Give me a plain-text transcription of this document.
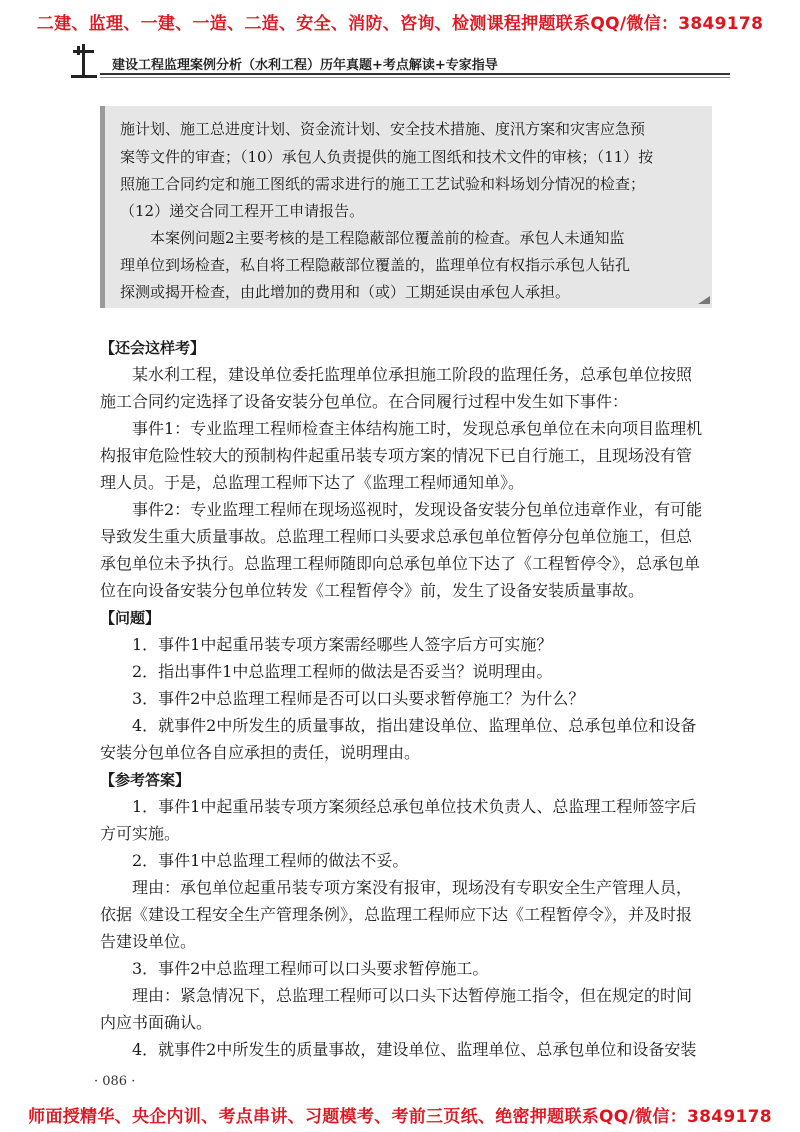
二建、监理、一建、一造、二造、安全、消防、咨询、检测课程押题联系QQ/微信：3849178
建设工程监理案例分析（水利工程）历年真题+考点解读+专家指导
施计划、施工总进度计划、资金流计划、安全技术措施、度汛方案和灾害应急预
案等文件的审查；（10）承包人负责提供的施工图纸和技术文件的审核；（11）按
照施工合同约定和施工图纸的需求进行的施工工艺试验和料场划分情况的检查；
（12）递交合同工程开工申请报告。
　　本案例问题2主要考核的是工程隐蔽部位覆盖前的检查。承包人未通知监
理单位到场检查，私自将工程隐蔽部位覆盖的，监理单位有权指示承包人钻孔
探测或揭开检查，由此增加的费用和（或）工期延误由承包人承担。
【还会这样考】
　　某水利工程，建设单位委托监理单位承担施工阶段的监理任务，总承包单位按照
施工合同约定选择了设备安装分包单位。在合同履行过程中发生如下事件：
　　事件1：专业监理工程师检查主体结构施工时，发现总承包单位在未向项目监理机
构报审危险性较大的预制构件起重吊装专项方案的情况下已自行施工，且现场没有管
理人员。于是，总监理工程师下达了《监理工程师通知单》。
　　事件2：专业监理工程师在现场巡视时，发现设备安装分包单位违章作业，有可能
导致发生重大质量事故。总监理工程师口头要求总承包单位暂停分包单位施工，但总
承包单位未予执行。总监理工程师随即向总承包单位下达了《工程暂停令》，总承包单
位在向设备安装分包单位转发《工程暂停令》前，发生了设备安装质量事故。
【问题】
　　1．事件1中起重吊装专项方案需经哪些人签字后方可实施？
　　2．指出事件1中总监理工程师的做法是否妥当？说明理由。
　　3．事件2中总监理工程师是否可以口头要求暂停施工？为什么？
　　4．就事件2中所发生的质量事故，指出建设单位、监理单位、总承包单位和设备
安装分包单位各自应承担的责任，说明理由。
【参考答案】
　　1．事件1中起重吊装专项方案须经总承包单位技术负责人、总监理工程师签字后
方可实施。
　　2．事件1中总监理工程师的做法不妥。
　　理由：承包单位起重吊装专项方案没有报审，现场没有专职安全生产管理人员，
依据《建设工程安全生产管理条例》，总监理工程师应下达《工程暂停令》，并及时报
告建设单位。
　　3．事件2中总监理工程师可以口头要求暂停施工。
　　理由：紧急情况下，总监理工程师可以口头下达暂停施工指令，但在规定的时间
内应书面确认。
　　4．就事件2中所发生的质量事故，建设单位、监理单位、总承包单位和设备安装
· 086 ·
师面授精华、央企内训、考点串讲、习题模考、考前三页纸、绝密押题联系QQ/微信：3849178
